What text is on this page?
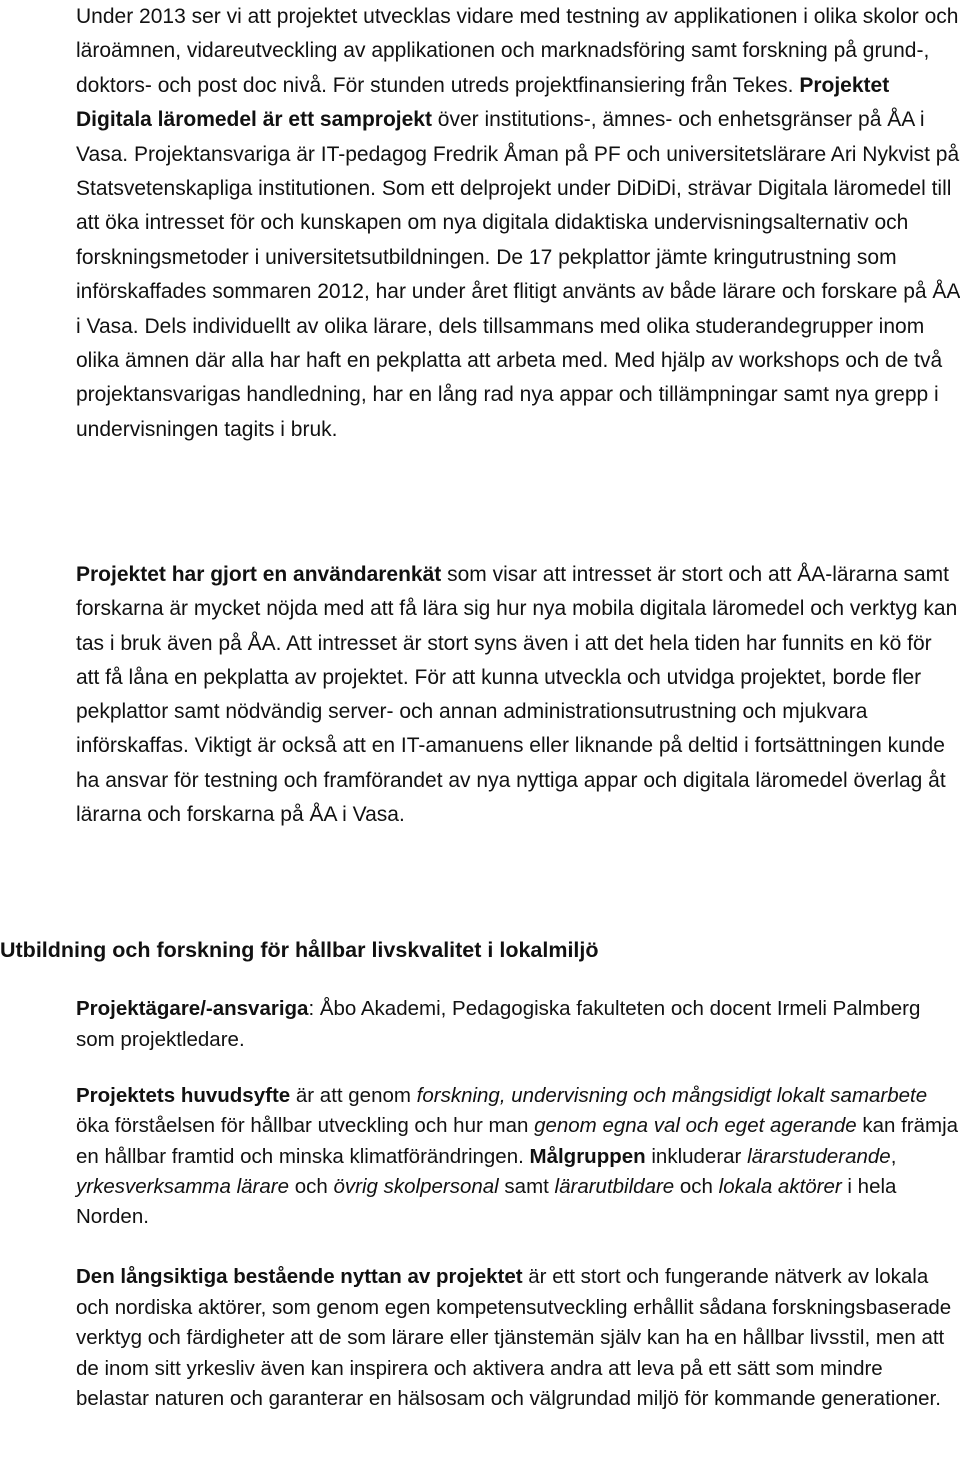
Under 2013 ser vi att projektet utvecklas vidare med testning av applikationen i olika skolor och läroämnen, vidareutveckling av applikationen och marknadsföring samt forskning på grund-, doktors- och post doc nivå. För stunden utreds projektfinansiering från Tekes. Projektet Digitala läromedel är ett samprojekt över institutions-, ämnes- och enhetsgränser på ÅA i Vasa. Projektansvariga är IT-pedagog Fredrik Åman på PF och universitetslärare Ari Nykvist på Statsvetenskapliga institutionen. Som ett delprojekt under DiDiDi, strävar Digitala läromedel till att öka intresset för och kunskapen om nya digitala didaktiska undervisningsalternativ och forskningsmetoder i universitetsutbildningen. De 17 pekplattor jämte kringutrustning som införskaffades sommaren 2012, har under året flitigt använts av både lärare och forskare på ÅA i Vasa. Dels individuellt av olika lärare, dels tillsammans med olika studerandegrupper inom olika ämnen där alla har haft en pekplatta att arbeta med. Med hjälp av workshops och de två projektansvarigas handledning, har en lång rad nya appar och tillämpningar samt nya grepp i undervisningen tagits i bruk.

Projektet har gjort en användarenkät som visar att intresset är stort och att ÅA-lärarna samt forskarna är mycket nöjda med att få lära sig hur nya mobila digitala läromedel och verktyg kan tas i bruk även på ÅA. Att intresset är stort syns även i att det hela tiden har funnits en kö för att få låna en pekplatta av projektet. För att kunna utveckla och utvidga projektet, borde fler pekplattor samt nödvändig server- och annan administrationsutrustning och mjukvara införskaffas. Viktigt är också att en IT-amanuens eller liknande på deltid i fortsättningen kunde ha ansvar för testning och framförandet av nya nyttiga appar och digitala läromedel överlag åt lärarna och forskarna på ÅA i Vasa.

Utbildning och forskning för hållbar livskvalitet i lokalmiljö

Projektägare/-ansvariga: Åbo Akademi, Pedagogiska fakulteten och docent Irmeli Palmberg som projektledare.

Projektets huvudsyfte är att genom forskning, undervisning och mångsidigt lokalt samarbete öka förståelsen för hållbar utveckling och hur man genom egna val och eget agerande kan främja en hållbar framtid och minska klimatförändringen. Målgruppen inkluderar lärarstuderande, yrkesverksamma lärare och övrig skolpersonal samt lärarutbildare och lokala aktörer i hela Norden.

Den långsiktiga bestående nyttan av projektet är ett stort och fungerande nätverk av lokala och nordiska aktörer, som genom egen kompetensutveckling erhållit sådana forskningsbaserade verktyg och färdigheter att de som lärare eller tjänstemän själv kan ha en hållbar livsstil, men att de inom sitt yrkesliv även kan inspirera och aktivera andra att leva på ett sätt som mindre belastar naturen och garanterar en hälsosam och välgrundad miljö för kommande generationer.
